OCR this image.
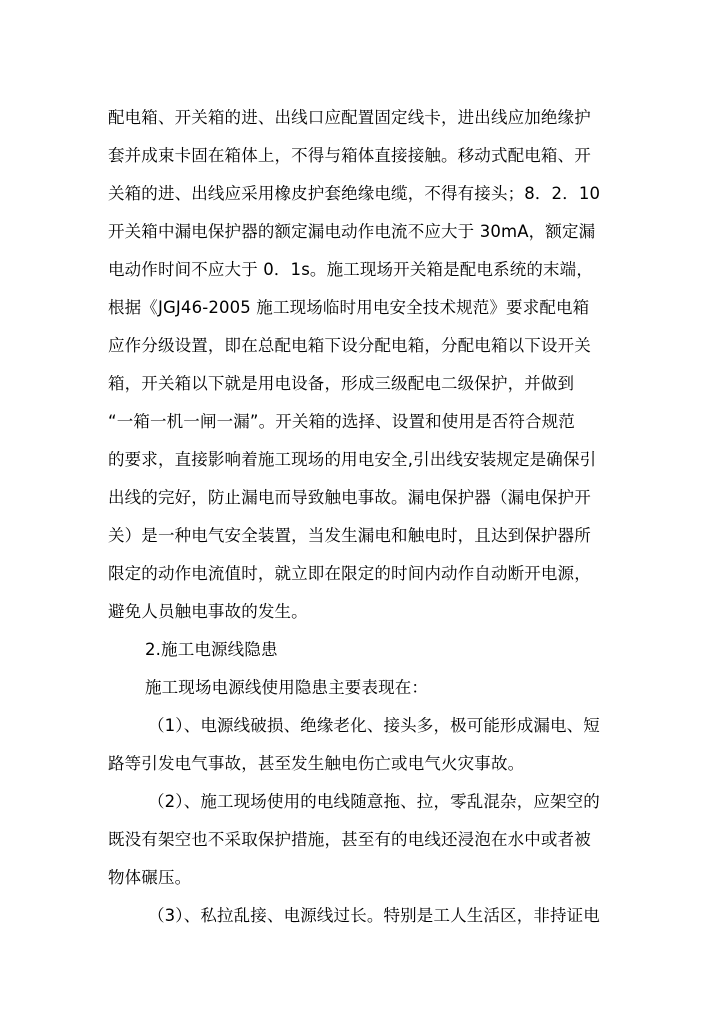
配电箱、开关箱的进、出线口应配置固定线卡，进出线应加绝缘护
套并成束卡固在箱体上，不得与箱体直接接触。移动式配电箱、开
关箱的进、出线应采用橡皮护套绝缘电缆，不得有接头；8．2．10
开关箱中漏电保护器的额定漏电动作电流不应大于 30mA，额定漏
电动作时间不应大于 0．1s。施工现场开关箱是配电系统的末端，
根据《JGJ46-2005 施工现场临时用电安全技术规范》要求配电箱
应作分级设置，即在总配电箱下设分配电箱，分配电箱以下设开关
箱，开关箱以下就是用电设备，形成三级配电二级保护，并做到
“一箱一机一闸一漏”。开关箱的选择、设置和使用是否符合规范
的要求，直接影响着施工现场的用电安全,引出线安装规定是确保引
出线的完好，防止漏电而导致触电事故。漏电保护器（漏电保护开
关）是一种电气安全装置，当发生漏电和触电时，且达到保护器所
限定的动作电流值时，就立即在限定的时间内动作自动断开电源，
避免人员触电事故的发生。
2.施工电源线隐患
施工现场电源线使用隐患主要表现在：
（1）、电源线破损、绝缘老化、接头多，极可能形成漏电、短
路等引发电气事故，甚至发生触电伤亡或电气火灾事故。
（2）、施工现场使用的电线随意拖、拉，零乱混杂，应架空的
既没有架空也不采取保护措施，甚至有的电线还浸泡在水中或者被
物体碾压。
（3）、私拉乱接、电源线过长。特别是工人生活区，非持证电
